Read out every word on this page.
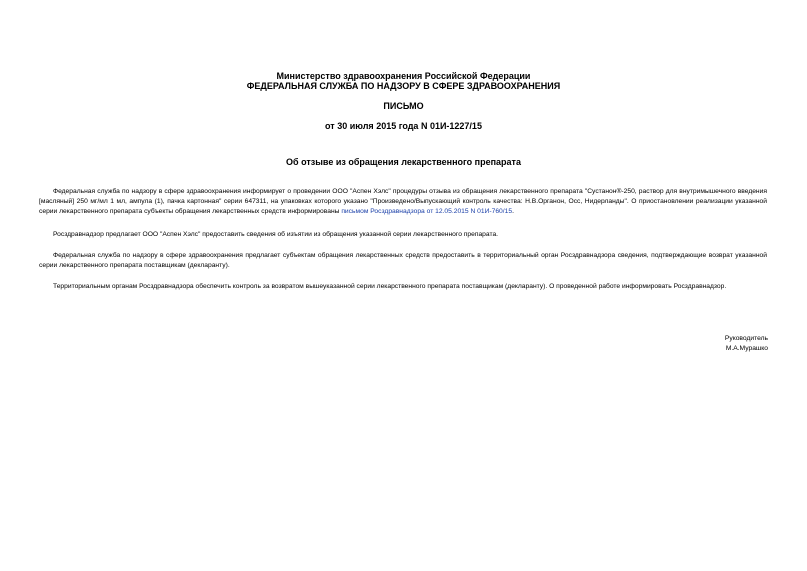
Министерство здравоохранения Российской Федерации
ФЕДЕРАЛЬНАЯ СЛУЖБА ПО НАДЗОРУ В СФЕРЕ ЗДРАВООХРАНЕНИЯ
ПИСЬМО
от 30 июля 2015 года N 01И-1227/15
Об отзыве из обращения лекарственного препарата

Федеральная служба по надзору в сфере здравоохранения информирует о проведении ООО "Аспен Хэлс" процедуры отзыва из обращения лекарственного препарата "Сустанон®-250, раствор для внутримышечного введения [масляный] 250 мг/мл 1 мл, ампула (1), пачка картонная" серии 647311, на упаковках которого указано "Произведено/Выпускающий контроль качества: Н.В.Органон, Осс, Нидерланды". О приостановлении реализации указанной серии лекарственного препарата субъекты обращения лекарственных средств информированы письмом Росздравнадзора от 12.05.2015 N 01И-760/15.

Росздравнадзор предлагает ООО "Аспен Хэлс" предоставить сведения об изъятии из обращения указанной серии лекарственного препарата.

Федеральная служба по надзору в сфере здравоохранения предлагает субъектам обращения лекарственных средств предоставить в территориальный орган Росздравнадзора сведения, подтверждающие возврат указанной серии лекарственного препарата поставщикам (декларанту).

Территориальным органам Росздравнадзора обеспечить контроль за возвратом вышеуказанной серии лекарственного препарата поставщикам (декларанту). О проведенной работе информировать Росздравнадзор.

Руководитель
М.А.Мурашко
